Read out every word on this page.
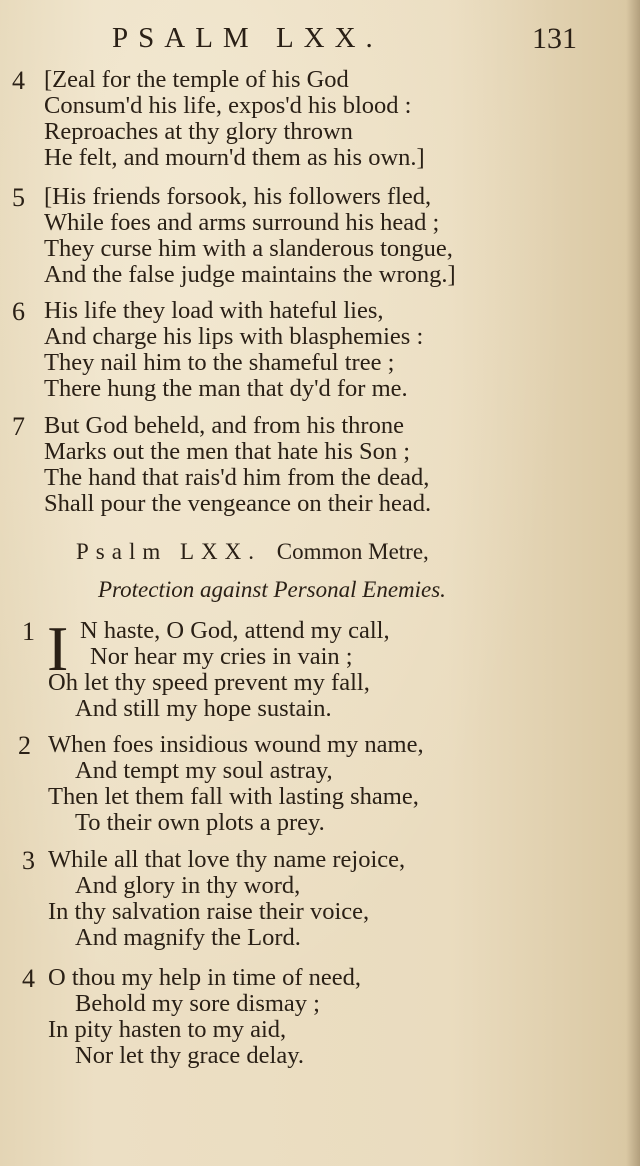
PSALM LXX.	131
4 [Zeal for the temple of his God
Consum'd his life, expos'd his blood :
Reproaches at thy glory thrown
He felt, and mourn'd them as his own.]
5 [His friends forsook, his followers fled,
While foes and arms surround his head ;
They curse him with a slanderous tongue,
And the false judge maintains the wrong.]
6 His life they load with hateful lies,
And charge his lips with blasphemies :
They nail him to the shameful tree ;
There hung the man that dy'd for me.
7 But God beheld, and from his throne
Marks out the men that hate his Son ;
The hand that rais'd him from the dead,
Shall pour the vengeance on their head.
Psalm LXX. Common Metre,
Protection against Personal Enemies.
1 I N haste, O God, attend my call,
Nor hear my cries in vain ;
Oh let thy speed prevent my fall,
And still my hope sustain.
2 When foes insidious wound my name,
And tempt my soul astray,
Then let them fall with lasting shame,
To their own plots a prey.
3 While all that love thy name rejoice,
And glory in thy word,
In thy salvation raise their voice,
And magnify the Lord.
4 O thou my help in time of need,
Behold my sore dismay ;
In pity hasten to my aid,
Nor let thy grace delay.
